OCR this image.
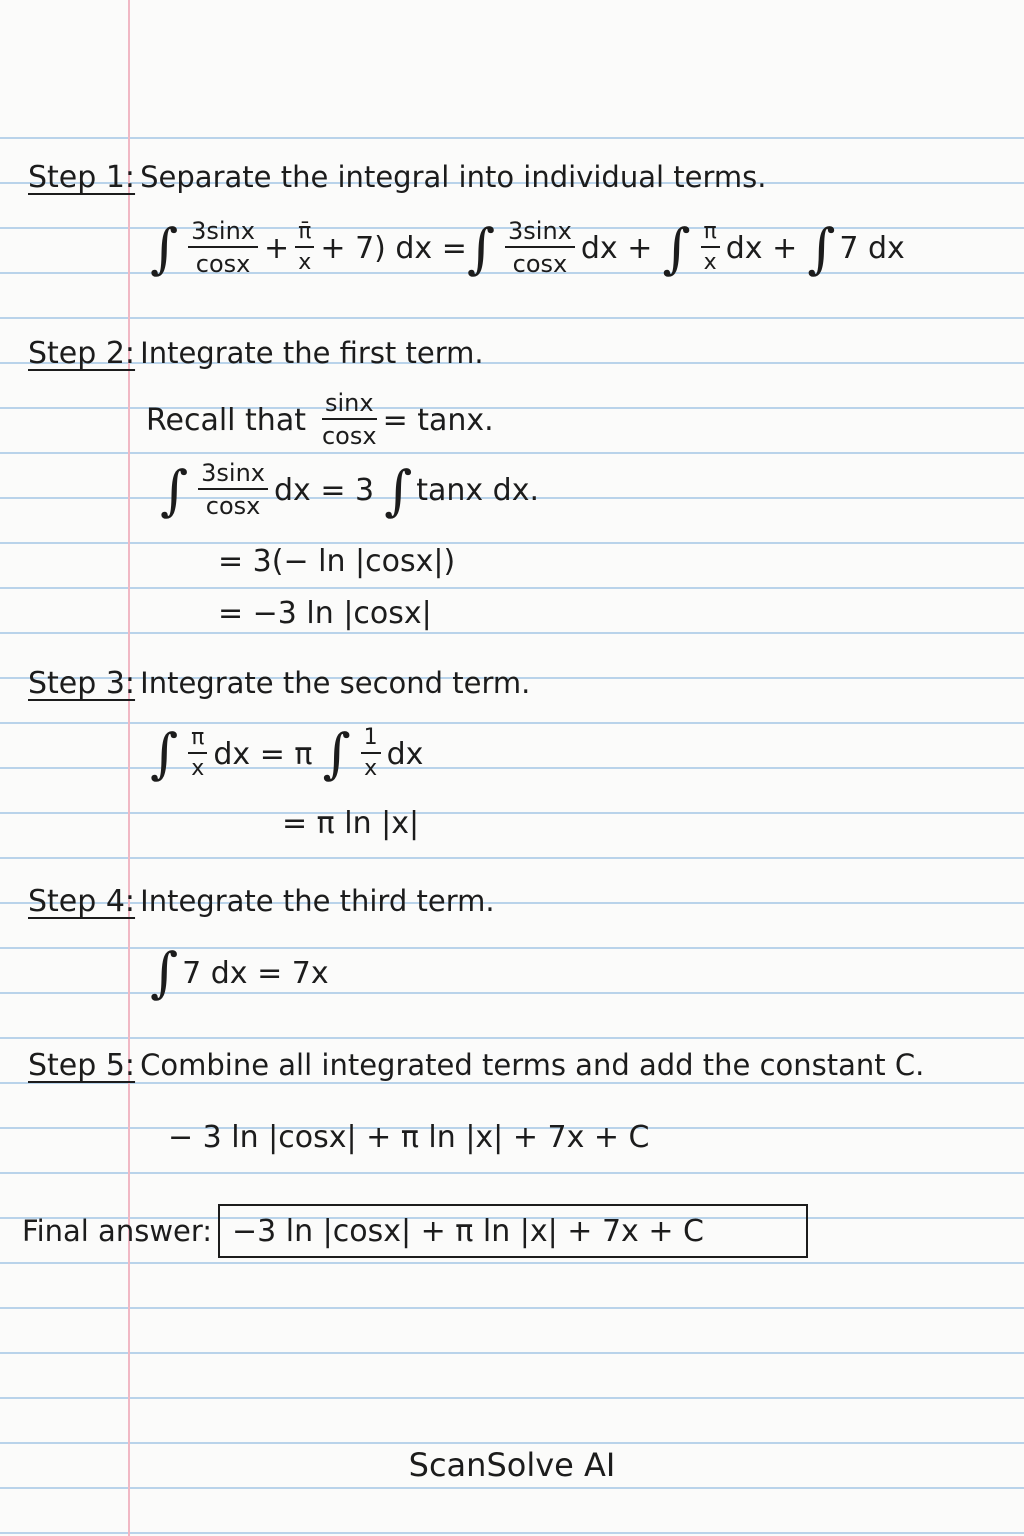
Step 1: Separate the integral into individual terms.
∫ $\frac{3\sin x}{\cos x} + \frac{\pī}{x} + 7$) dx = ∫ $\frac{3\sin x}{\cos x}$ dx + ∫ $\frac{\pi}{x}$ dx + ∫ 7 dx
Step 2: Integrate the first term.
Recall that $\frac{\sin x}{\cos x} = \tan x$.
∫ $\frac{3\sin x}{\cos x}$ dx = 3 ∫ tanx dx.
= 3(− ln |cosx|)
= −3 ln |cosx|
Step 3: Integrate the second term.
∫ $\frac{\pi}{x}$ dx = π ∫ $\frac{1}{x}$ dx
= π ln |x|
Step 4: Integrate the third term.
∫ 7 dx = 7x
Step 5: Combine all integrated terms and add the constant C.
− 3 ln |cosx| + π ln |x| + 7x + C
Final answer: −3 ln |cosx| + π ln |x| + 7x + C
ScanSolve AI
